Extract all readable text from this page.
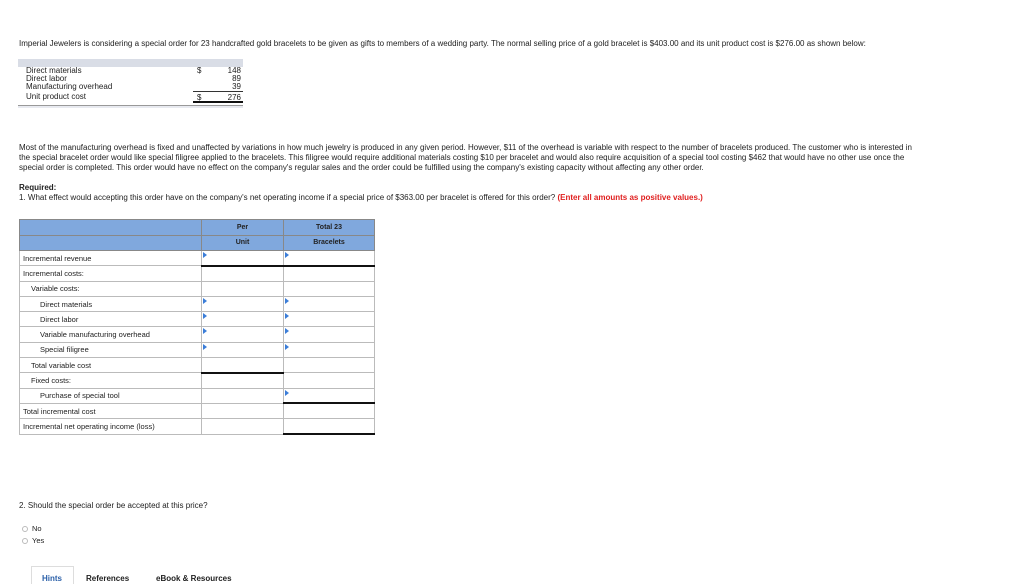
Imperial Jewelers is considering a special order for 23 handcrafted gold bracelets to be given as gifts to members of a wedding party. The normal selling price of a gold bracelet is $403.00 and its unit product cost is $276.00 as shown below:

Direct materials	$	148
Direct labor	89
Manufacturing overhead	39
Unit product cost	$	276

Most of the manufacturing overhead is fixed and unaffected by variations in how much jewelry is produced in any given period. However, $11 of the overhead is variable with respect to the number of bracelets produced. The customer who is interested in

the special bracelet order would like special filigree applied to the bracelets. This filigree would require additional materials costing $10 per bracelet and would also require acquisition of a special tool costing $462 that would have no other use once the

special order is completed. This order would have no effect on the company's regular sales and the order could be fulfilled using the company's existing capacity without affecting any other order.

Required:

1. What effect would accepting this order have on the company's net operating income if a special price of $363.00 per bracelet is offered for this order? (Enter all amounts as positive values.)

	Per	Total 23
	Unit	Bracelets
Incremental revenue	

Incremental costs:		
Variable costs:		
Direct materials	

Direct labor	

Variable manufacturing overhead	

Special filigree	

Total variable cost		
Fixed costs:		
Purchase of special tool		

Total incremental cost		
Incremental net operating income (loss)		

2. Should the special order be accepted at this price?

No
Yes
Hints	References	eBook & Resources
